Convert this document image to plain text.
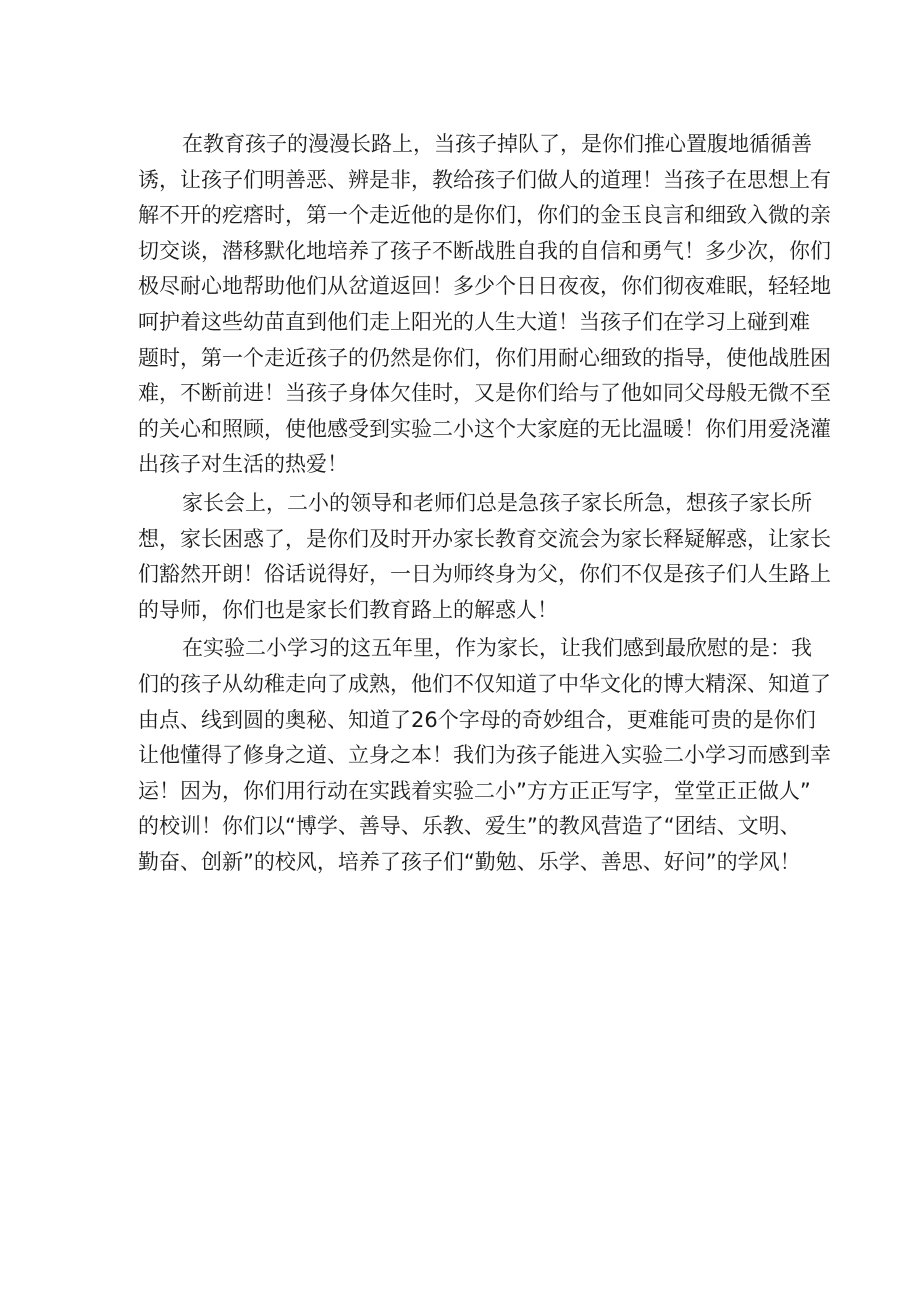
在教育孩子的漫漫长路上，当孩子掉队了，是你们推心置腹地循循善
诱，让孩子们明善恶、辨是非，教给孩子们做人的道理！当孩子在思想上有
解不开的疙瘩时，第一个走近他的是你们，你们的金玉良言和细致入微的亲
切交谈，潜移默化地培养了孩子不断战胜自我的自信和勇气！多少次，你们
极尽耐心地帮助他们从岔道返回！多少个日日夜夜，你们彻夜难眠，轻轻地
呵护着这些幼苗直到他们走上阳光的人生大道！当孩子们在学习上碰到难
题时，第一个走近孩子的仍然是你们，你们用耐心细致的指导，使他战胜困
难，不断前进！当孩子身体欠佳时，又是你们给与了他如同父母般无微不至
的关心和照顾，使他感受到实验二小这个大家庭的无比温暖！你们用爱浇灌
出孩子对生活的热爱！
家长会上，二小的领导和老师们总是急孩子家长所急，想孩子家长所
想，家长困惑了，是你们及时开办家长教育交流会为家长释疑解惑，让家长
们豁然开朗！俗话说得好，一日为师终身为父，你们不仅是孩子们人生路上
的导师，你们也是家长们教育路上的解惑人！
在实验二小学习的这五年里，作为家长，让我们感到最欣慰的是：我
们的孩子从幼稚走向了成熟，他们不仅知道了中华文化的博大精深、知道了
由点、线到圆的奥秘、知道了26个字母的奇妙组合，更难能可贵的是你们
让他懂得了修身之道、立身之本！我们为孩子能进入实验二小学习而感到幸
运！因为，你们用行动在实践着实验二小”方方正正写字，堂堂正正做人”
的校训！你们以“博学、善导、乐教、爱生”的教风营造了“团结、文明、
勤奋、创新”的校风，培养了孩子们“勤勉、乐学、善思、好问”的学风！
